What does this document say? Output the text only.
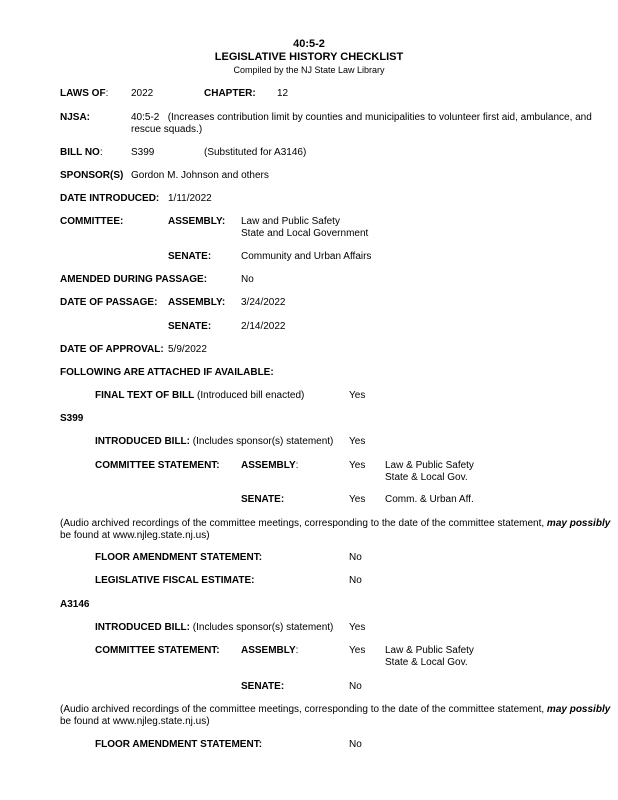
40:5-2
LEGISLATIVE HISTORY CHECKLIST
Compiled by the NJ State Law Library
LAWS OF: 2022	CHAPTER: 12
NJSA:	40:5-2 (Increases contribution limit by counties and municipalities to volunteer first aid, ambulance, and
rescue squads.)
BILL NO:	S399	(Substituted for A3146)
SPONSOR(S) Gordon M. Johnson and others
DATE INTRODUCED: 1/11/2022
COMMITTEE:	ASSEMBLY: Law and Public Safety
State and Local Government
SENATE:	Community and Urban Affairs
AMENDED DURING PASSAGE:	No
DATE OF PASSAGE: ASSEMBLY: 3/24/2022
SENATE:	2/14/2022
DATE OF APPROVAL: 5/9/2022
FOLLOWING ARE ATTACHED IF AVAILABLE:
FINAL TEXT OF BILL (Introduced bill enacted)	Yes
S399
INTRODUCED BILL: (Includes sponsor(s) statement) Yes
COMMITTEE STATEMENT: ASSEMBLY:	Yes Law & Public Safety
State & Local Gov.
SENATE:	Yes Comm. & Urban Aff.
(Audio archived recordings of the committee meetings, corresponding to the date of the committee statement, may possibly
be found at www.njleg.state.nj.us)
FLOOR AMENDMENT STATEMENT:	No
LEGISLATIVE FISCAL ESTIMATE:	No
A3146
INTRODUCED BILL: (Includes sponsor(s) statement) Yes
COMMITTEE STATEMENT: ASSEMBLY:	Yes Law & Public Safety
State & Local Gov.
SENATE:	No
(Audio archived recordings of the committee meetings, corresponding to the date of the committee statement, may possibly
be found at www.njleg.state.nj.us)
FLOOR AMENDMENT STATEMENT:	No
